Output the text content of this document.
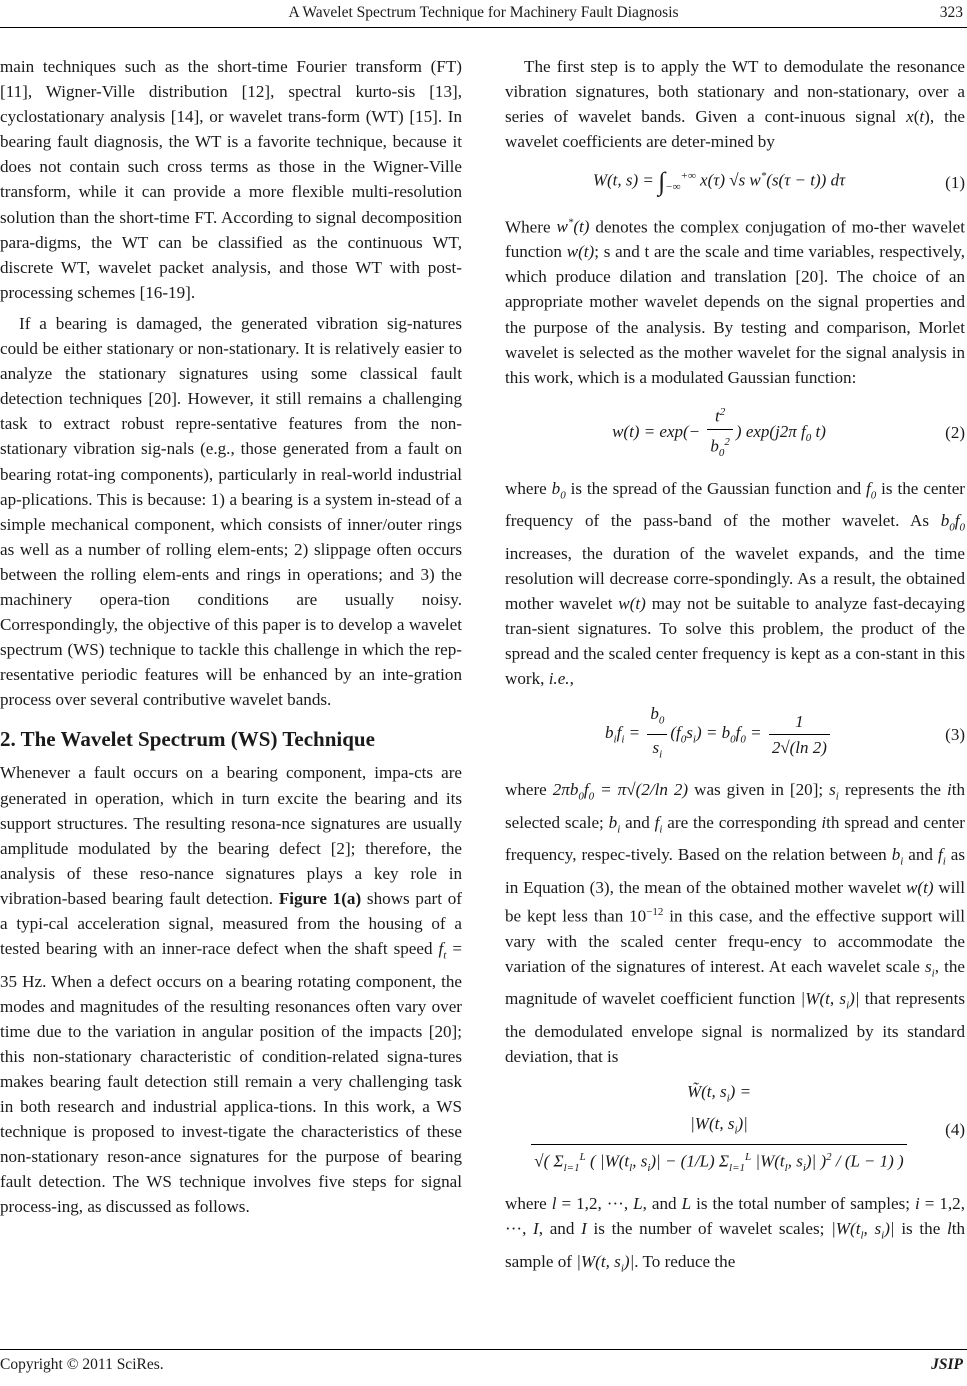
A Wavelet Spectrum Technique for Machinery Fault Diagnosis	323

main techniques such as the short-time Fourier transform (FT) [11], Wigner-Ville distribution [12], spectral kurto-sis [13], cyclostationary analysis [14], or wavelet trans-form (WT) [15]. In bearing fault diagnosis, the WT is a favorite technique, because it does not contain such cross terms as those in the Wigner-Ville transform, while it can provide a more flexible multi-resolution solution than the short-time FT. According to signal decomposition para-digms, the WT can be classified as the continuous WT, discrete WT, wavelet packet analysis, and those WT with post-processing schemes [16-19].

If a bearing is damaged, the generated vibration sig-natures could be either stationary or non-stationary. It is relatively easier to analyze the stationary signatures using some classical fault detection techniques [20]. However, it still remains a challenging task to extract robust repre-sentative features from the non-stationary vibration sig-nals (e.g., those generated from a fault on bearing rotat-ing components), particularly in real-world industrial ap-plications. This is because: 1) a bearing is a system in-stead of a simple mechanical component, which consists of inner/outer rings as well as a number of rolling elem-ents; 2) slippage often occurs between the rolling elem-ents and rings in operations; and 3) the machinery opera-tion conditions are usually noisy. Correspondingly, the objective of this paper is to develop a wavelet spectrum (WS) technique to tackle this challenge in which the rep-resentative periodic features will be enhanced by an inte-gration process over several contributive wavelet bands.

2. The Wavelet Spectrum (WS) Technique

Whenever a fault occurs on a bearing component, impa-cts are generated in operation, which in turn excite the bearing and its support structures. The resulting resona-nce signatures are usually amplitude modulated by the bearing defect [2]; therefore, the analysis of these reso-nance signatures plays a key role in vibration-based bearing fault detection. Figure 1(a) shows part of a typi-cal acceleration signal, measured from the housing of a tested bearing with an inner-race defect when the shaft speed $f_t = 35$ Hz. When a defect occurs on a bearing rotating component, the modes and magnitudes of the resulting resonances often vary over time due to the variation in angular position of the impacts [20]; this non-stationary characteristic of condition-related signa-tures makes bearing fault detection still remain a very challenging task in both research and industrial applica-tions. In this work, a WS technique is proposed to invest-tigate the characteristics of these non-stationary reson-ance signatures for the purpose of bearing fault detection. The WS technique involves five steps for signal process-ing, as discussed as follows.

The first step is to apply the WT to demodulate the resonance vibration signatures, both stationary and non-stationary, over a series of wavelet bands. Given a cont-inuous signal x(t), the wavelet coefficients are deter-mined by

W(t, $s) = \int_{-\infty}^{+\infty}$ x(τ) √s w*(s(τ − t)) dτ	(1)

Where w*(t) denotes the complex conjugation of mo-ther wavelet function w(t); s and t are the scale and time variables, respectively, which produce dilation and translation [20]. The choice of an appropriate mother wavelet depends on the signal properties and the purpose of the analysis. By testing and comparison, Morlet wavelet is selected as the mother wavelet for the signal analysis in this work, which is a modulated Gaussian function:

$w(t) = \exp(- \frac{t^2}{b_0^2}$ ) exp(j2π $f_0$ t)	(2)

where $b_0$ is the spread of the Gaussian function and $f_0$ is the center frequency of the pass-band of the mother wavelet. As $b_0f_0$ increases, the duration of the wavelet expands, and the time resolution will decrease corre-spondingly. As a result, the obtained mother wavelet w(t) may not be suitable to analyze fast-decaying tran-sient signatures. To solve this problem, the product of the spread and the scaled center frequency is kept as a con-stant in this work, i.e.,

$b_if_i = \frac{b_0}{s_i} (f_0s_i) = b_0f_0 = \frac{1}{2√(\ln 2)}$	(3)

where $2\pi b_0f_0 = \pi√(2/\ln$ 2) was given in [20]; $s_i$ represents the ith selected scale; $b_i$ and $f_i$ are the corresponding ith spread and center frequency, respec-tively. Based on the relation between $b_i$ and $f_i$ as in Equation (3), the mean of the obtained mother wavelet w(t) will be kept less than $10^{-12}$ in this case, and the effective support will vary with the scaled center frequ-ency to accommodate the variation of the signatures of interest. At each wavelet scale $s_i$, the magnitude of wavelet coefficient function |W(t, $s_i)|$ that represents the demodulated envelope signal is normalized by its standard deviation, that is

W̃(t, $s_i$) =
|W(t, $s_i)|$
√( $\Sigma_{l=1}^L$ ( $|W(t_l$, $s_i)| - (1/L)$ $\Sigma_{l=1}^L$ $|W(t_l$, $s_i)|$ )$^2$ / (L − 1) )
(4)

where l = 1,2, ···, L, and L is the total number of samples; i = 1,2, ···, I, and I is the number of wavelet scales; $|W(t_l$, $s_i)|$ is the lth sample of |W(t, $s_i)|$. To reduce the

Copyright © 2011 SciRes.	JSIP
